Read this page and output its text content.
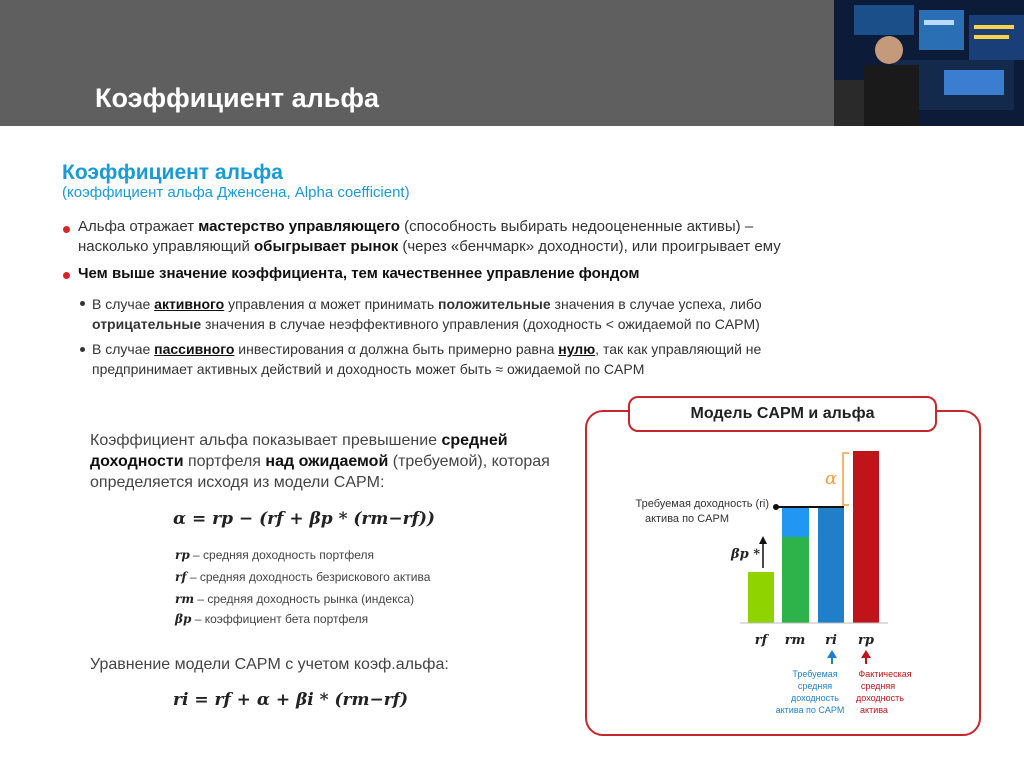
Коэффициент альфа
Коэффициент альфа
(коэффициент альфа Дженсена, Alpha coefficient)
Альфа отражает мастерство управляющего (способность выбирать недооцененные активы) –
насколько управляющий обыгрывает рынок (через «бенчмарк» доходности), или проигрывает ему
Чем выше значение коэффициента, тем качественнее управление фондом
В случае активного управления α может принимать положительные значения в случае успеха, либо
отрицательные значения в случае неэффективного управления (доходность < ожидаемой по CAPM)
В случае пассивного инвестирования α должна быть примерно равна нулю, так как управляющий не
предпринимает активных действий и доходность может быть ≈ ожидаемой по CAPM
Коэффициент альфа показывает превышение средней доходности портфеля над ожидаемой (требуемой), которая определяется исходя из модели CAPM:
α = rp − (rf + βp * (rm−rf))
rp – средняя доходность портфеля
rf – средняя доходность безрискового актива
rm – средняя доходность рынка (индекса)
βp – коэффициент бета портфеля
Уравнение модели CAPM с учетом коэф.альфа:
ri = rf + α + βi * (rm−rf)
Модель CAPM и альфа
Требуемая доходность (ri)
актива по CAPM
βp *
α
rf rm ri rp
Требуемая
средняя
доходность
актива по CAPM
Фактическая
средняя
доходность
актива
